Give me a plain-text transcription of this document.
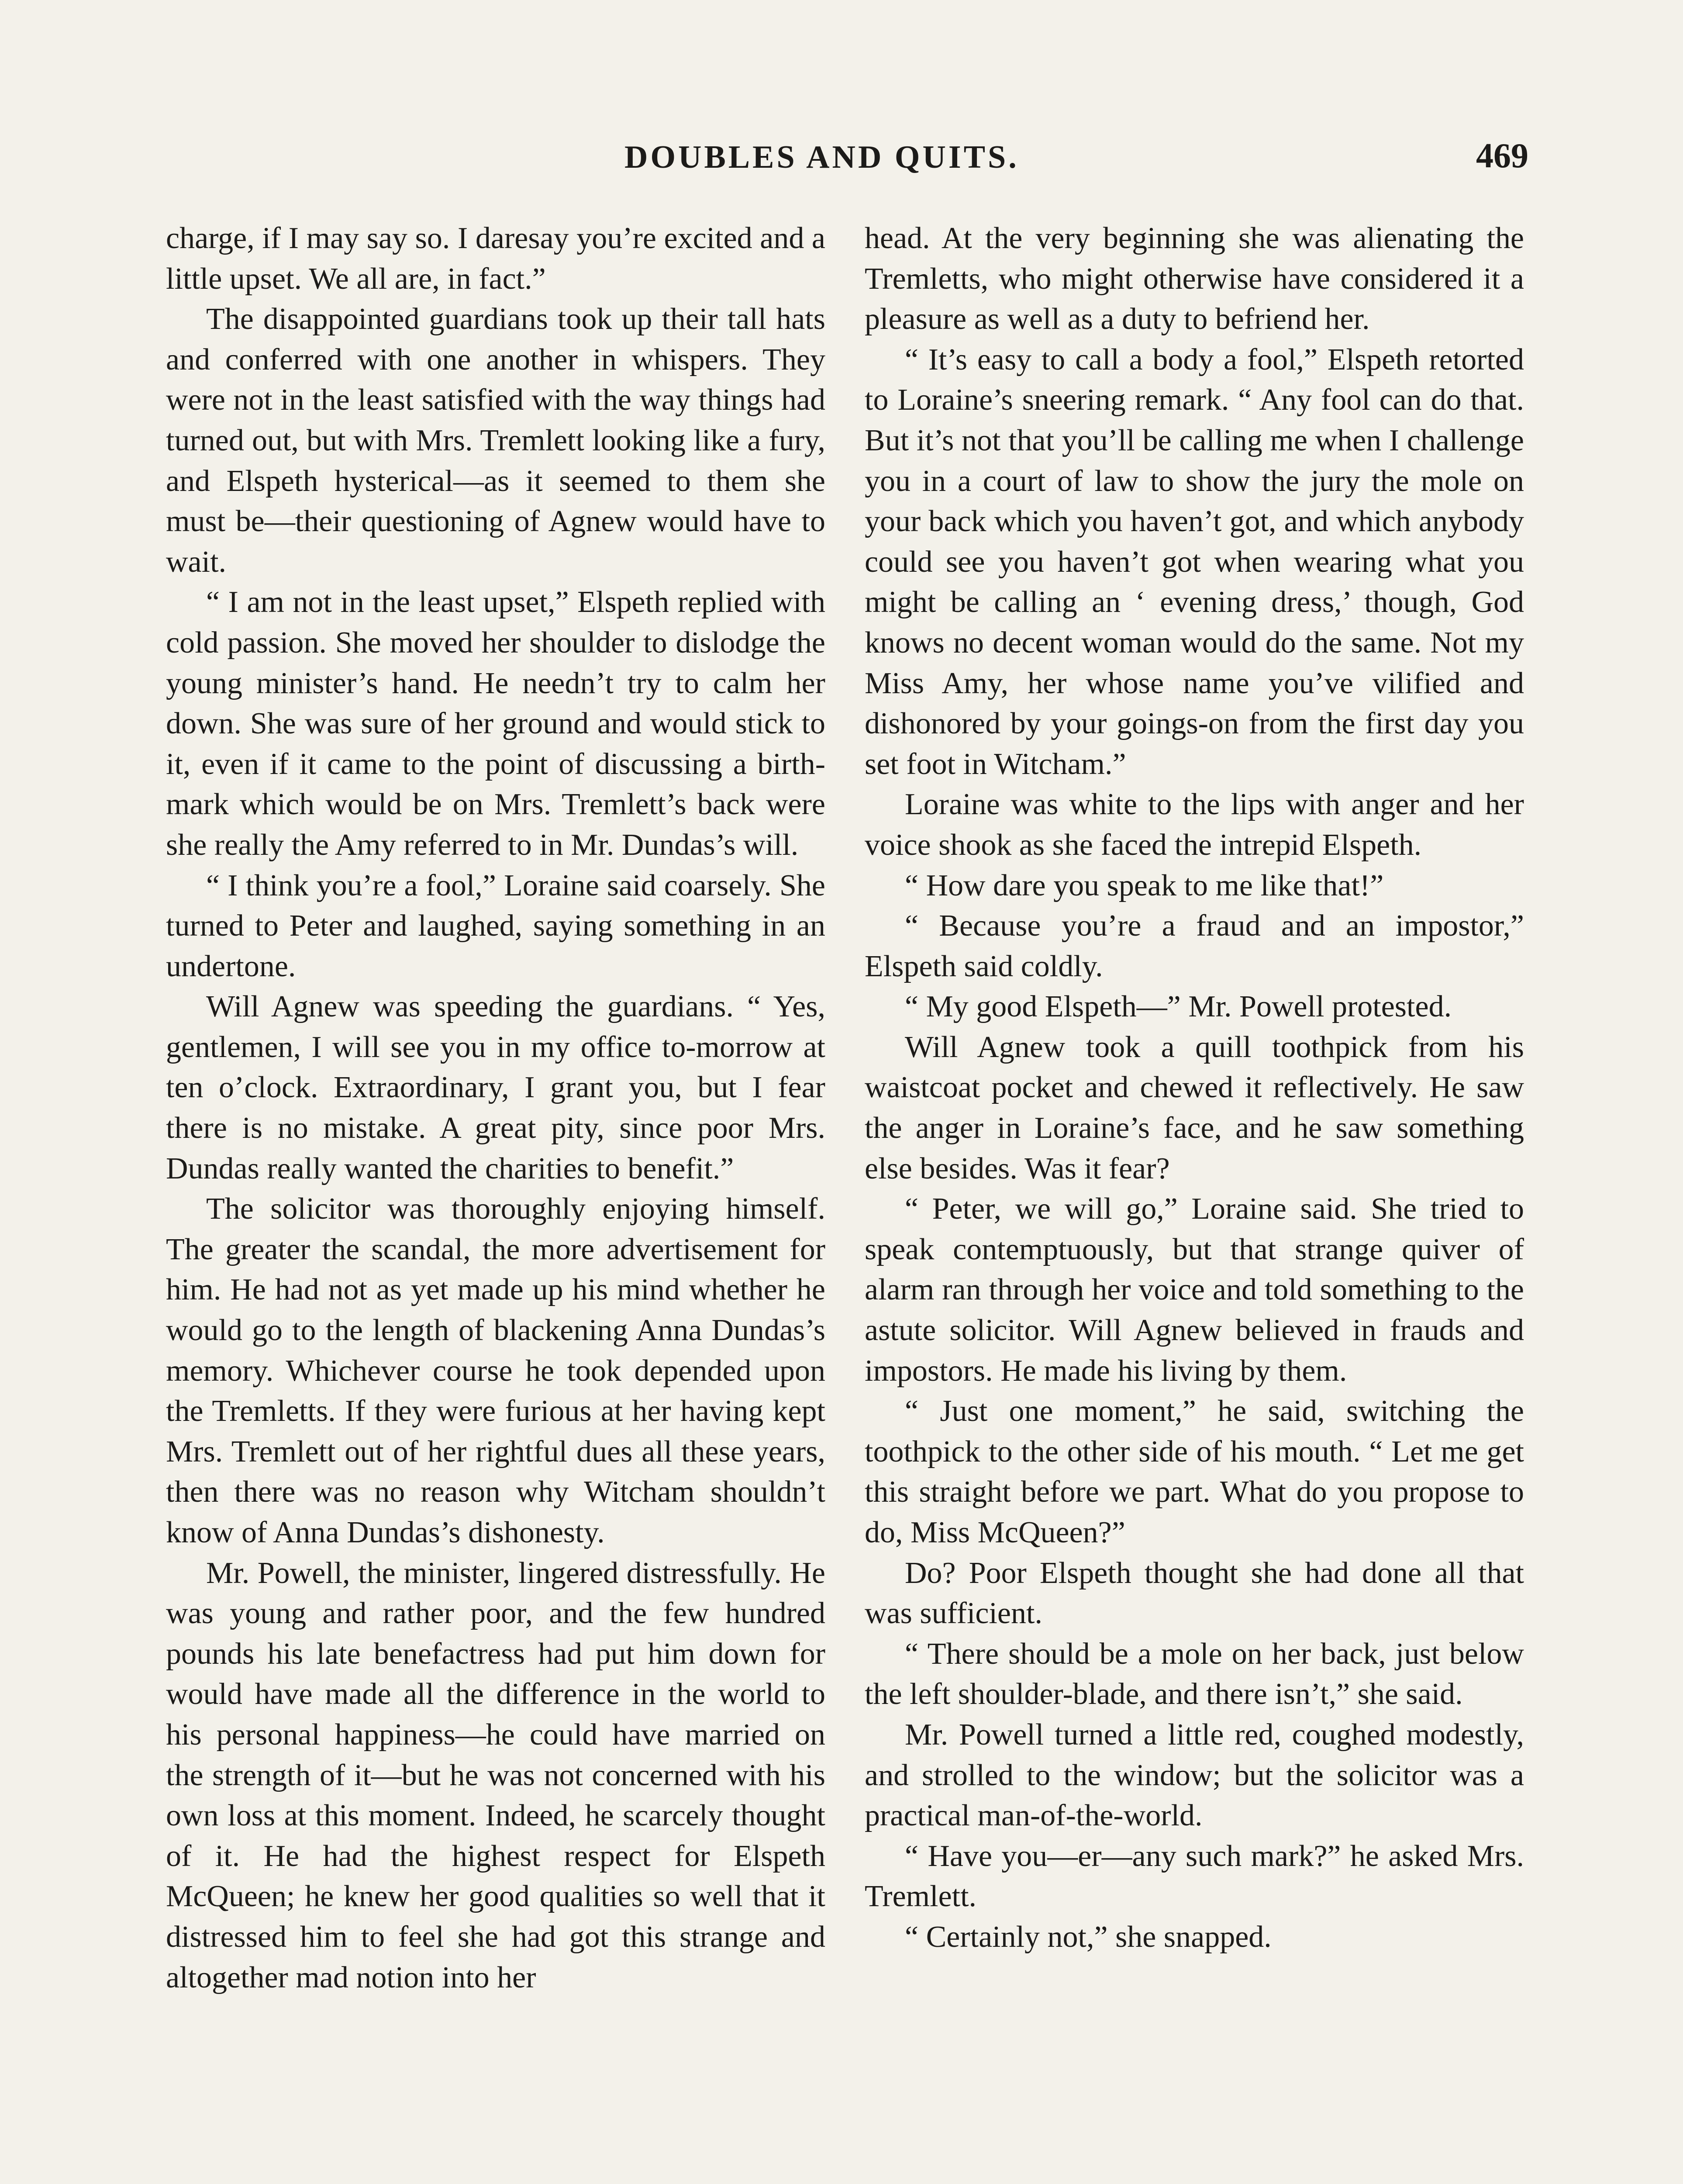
DOUBLES AND QUITS.	469

charge, if I may say so. I daresay you’re excited and a little upset. We all are, in fact.”

The disappointed guardians took up their tall hats and conferred with one another in whispers. They were not in the least satisfied with the way things had turned out, but with Mrs. Tremlett looking like a fury, and Elspeth hysterical—as it seemed to them she must be—their questioning of Agnew would have to wait.

“ I am not in the least upset,” Elspeth replied with cold passion. She moved her shoulder to dislodge the young minister’s hand. He needn’t try to calm her down. She was sure of her ground and would stick to it, even if it came to the point of discussing a birth-mark which would be on Mrs. Tremlett’s back were she really the Amy referred to in Mr. Dundas’s will.

“ I think you’re a fool,” Loraine said coarsely. She turned to Peter and laughed, saying something in an undertone.

Will Agnew was speeding the guardians. “ Yes, gentlemen, I will see you in my office to-morrow at ten o’clock. Extraordinary, I grant you, but I fear there is no mistake. A great pity, since poor Mrs. Dundas really wanted the charities to benefit.”

The solicitor was thoroughly enjoying himself. The greater the scandal, the more advertisement for him. He had not as yet made up his mind whether he would go to the length of blackening Anna Dundas’s memory. Whichever course he took depended upon the Tremletts. If they were furious at her having kept Mrs. Tremlett out of her rightful dues all these years, then there was no reason why Witcham shouldn’t know of Anna Dundas’s dishonesty.

Mr. Powell, the minister, lingered distressfully. He was young and rather poor, and the few hundred pounds his late benefactress had put him down for would have made all the difference in the world to his personal happiness—he could have married on the strength of it—but he was not concerned with his own loss at this moment. Indeed, he scarcely thought of it. He had the highest respect for Elspeth McQueen; he knew her good qualities so well that it distressed him to feel she had got this strange and altogether mad notion into her

head. At the very beginning she was alienating the Tremletts, who might otherwise have considered it a pleasure as well as a duty to befriend her.

“ It’s easy to call a body a fool,” Elspeth retorted to Loraine’s sneering remark. “ Any fool can do that. But it’s not that you’ll be calling me when I challenge you in a court of law to show the jury the mole on your back which you haven’t got, and which anybody could see you haven’t got when wearing what you might be calling an ‘ evening dress,’ though, God knows no decent woman would do the same. Not my Miss Amy, her whose name you’ve vilified and dishonored by your goings-on from the first day you set foot in Witcham.”

Loraine was white to the lips with anger and her voice shook as she faced the intrepid Elspeth.

“ How dare you speak to me like that!”

“ Because you’re a fraud and an impostor,” Elspeth said coldly.

“ My good Elspeth—” Mr. Powell protested.

Will Agnew took a quill toothpick from his waistcoat pocket and chewed it reflectively. He saw the anger in Loraine’s face, and he saw something else besides. Was it fear?

“ Peter, we will go,” Loraine said. She tried to speak contemptuously, but that strange quiver of alarm ran through her voice and told something to the astute solicitor. Will Agnew believed in frauds and impostors. He made his living by them.

“ Just one moment,” he said, switching the toothpick to the other side of his mouth. “ Let me get this straight before we part. What do you propose to do, Miss McQueen?”

Do? Poor Elspeth thought she had done all that was sufficient.

“ There should be a mole on her back, just below the left shoulder-blade, and there isn’t,” she said.

Mr. Powell turned a little red, coughed modestly, and strolled to the window; but the solicitor was a practical man-of-the-world.

“ Have you—er—any such mark?” he asked Mrs. Tremlett.

“ Certainly not,” she snapped.
